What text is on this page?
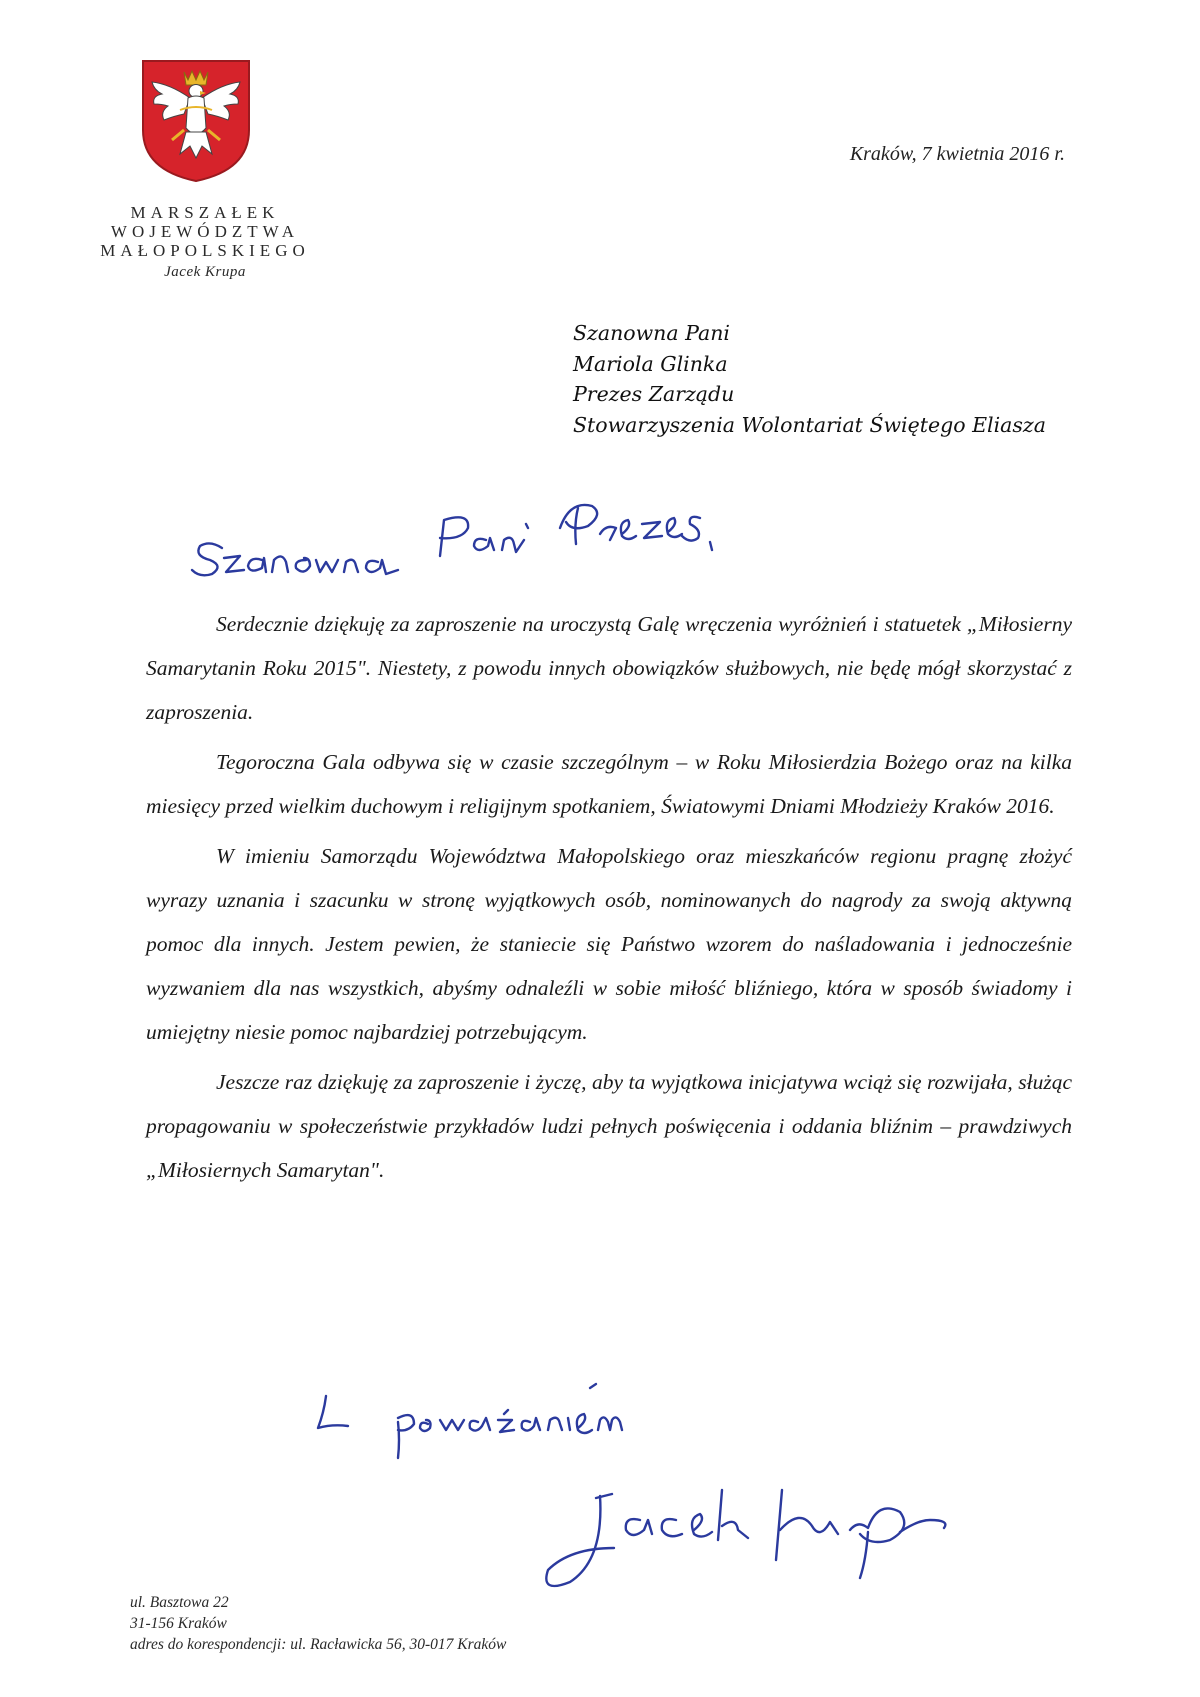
MARSZAŁEK
WOJEWÓDZTWA
MAŁOPOLSKIEGO
Jacek Krupa
Kraków, 7 kwietnia 2016 r.
Szanowna Pani
Mariola Glinka
Prezes Zarządu
Stowarzyszenia Wolontariat Świętego Eliasza

Serdecznie dziękuję za zaproszenie na uroczystą Galę wręczenia wyróżnień i statuetek „Miłosierny Samarytanin Roku 2015". Niestety, z powodu innych obowiązków służbowych, nie będę mógł skorzystać z zaproszenia.

Tegoroczna Gala odbywa się w czasie szczególnym – w Roku Miłosierdzia Bożego oraz na kilka miesięcy przed wielkim duchowym i religijnym spotkaniem, Światowymi Dniami Młodzieży Kraków 2016.

W imieniu Samorządu Województwa Małopolskiego oraz mieszkańców regionu pragnę złożyć wyrazy uznania i szacunku w stronę wyjątkowych osób, nominowanych do nagrody za swoją aktywną pomoc dla innych. Jestem pewien, że staniecie się Państwo wzorem do naśladowania i jednocześnie wyzwaniem dla nas wszystkich, abyśmy odnaleźli w sobie miłość bliźniego, która w sposób świadomy i umiejętny niesie pomoc najbardziej potrzebującym.

Jeszcze raz dziękuję za zaproszenie i życzę, aby ta wyjątkowa inicjatywa wciąż się rozwijała, służąc propagowaniu w społeczeństwie przykładów ludzi pełnych poświęcenia i oddania bliźnim – prawdziwych „Miłosiernych Samarytan".

ul. Basztowa 22
31-156 Kraków
adres do korespondencji: ul. Racławicka 56, 30-017 Kraków
